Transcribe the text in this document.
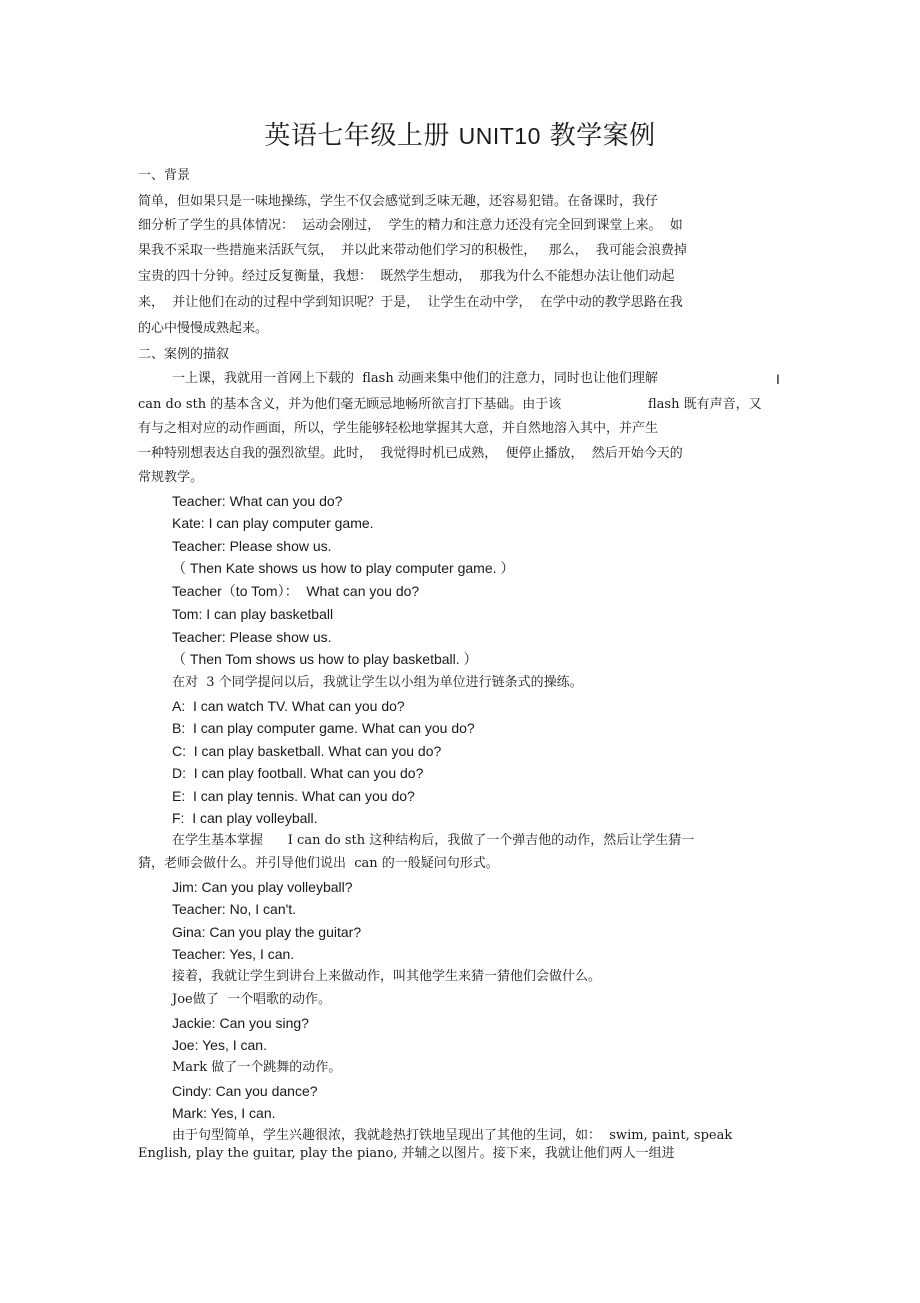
英语七年级上册 UNIT10 教学案例
一、背景
简单，但如果只是一味地操练，学生不仅会感觉到乏味无趣，还容易犯错。在备课时，我仔
细分析了学生的具体情况：  运动会刚过，  学生的精力和注意力还没有完全回到课堂上来。  如
果我不采取一些措施来活跃气氛，  并以此来带动他们学习的积极性，   那么，  我可能会浪费掉
宝贵的四十分钟。经过反复衡量，我想：  既然学生想动，  那我为什么不能想办法让他们动起
来，  并让他们在动的过程中学到知识呢？于是，  让学生在动中学，  在学中动的教学思路在我
的心中慢慢成熟起来。
二、案例的描叙
一上课，我就用一首网上下载的  flash 动画来集中他们的注意力，同时也让他们理解	I
can do sth 的基本含义，并为他们毫无顾忌地畅所欲言打下基础。由于该	flash 既有声音，又
有与之相对应的动作画面，所以，学生能够轻松地掌握其大意，并自然地溶入其中，并产生
一种特别想表达自我的强烈欲望。此时，  我觉得时机已成熟，  便停止播放，  然后开始今天的
常规教学。
Teacher: What can you do?
Kate: I can play computer game.
Teacher: Please show us.
（ Then Kate shows us how to play computer game. ）
Teacher（to Tom）：  What can you do?
Tom: I can play basketball
Teacher: Please show us.
（ Then Tom shows us how to play basketball. ）
在对  3 个同学提问以后，我就让学生以小组为单位进行链条式的操练。
A:  I can watch TV. What can you do?
B:  I can play computer game. What can you do?
C:  I can play basketball. What can you do?
D:  I can play football. What can you do?
E:  I can play tennis. What can you do?
F:  I can play volleyball.
在学生基本掌握      I can do sth 这种结构后，我做了一个弹吉他的动作，然后让学生猜一
猜，老师会做什么。并引导他们说出  can 的一般疑问句形式。
Jim: Can you play volleyball?
Teacher: No, I can't.
Gina: Can you play the guitar?
Teacher: Yes, I can.
接着，我就让学生到讲台上来做动作，叫其他学生来猜一猜他们会做什么。
Joe做了  一个唱歌的动作。
Jackie: Can you sing?
Joe: Yes, I can.
Mark 做了一个跳舞的动作。
Cindy: Can you dance?
Mark: Yes, I can.
由于句型简单，学生兴趣很浓，我就趁热打铁地呈现出了其他的生词，如：  swim, paint, speak
English, play the guitar, play the piano, 并辅之以图片。接下来，我就让他们两人一组进
